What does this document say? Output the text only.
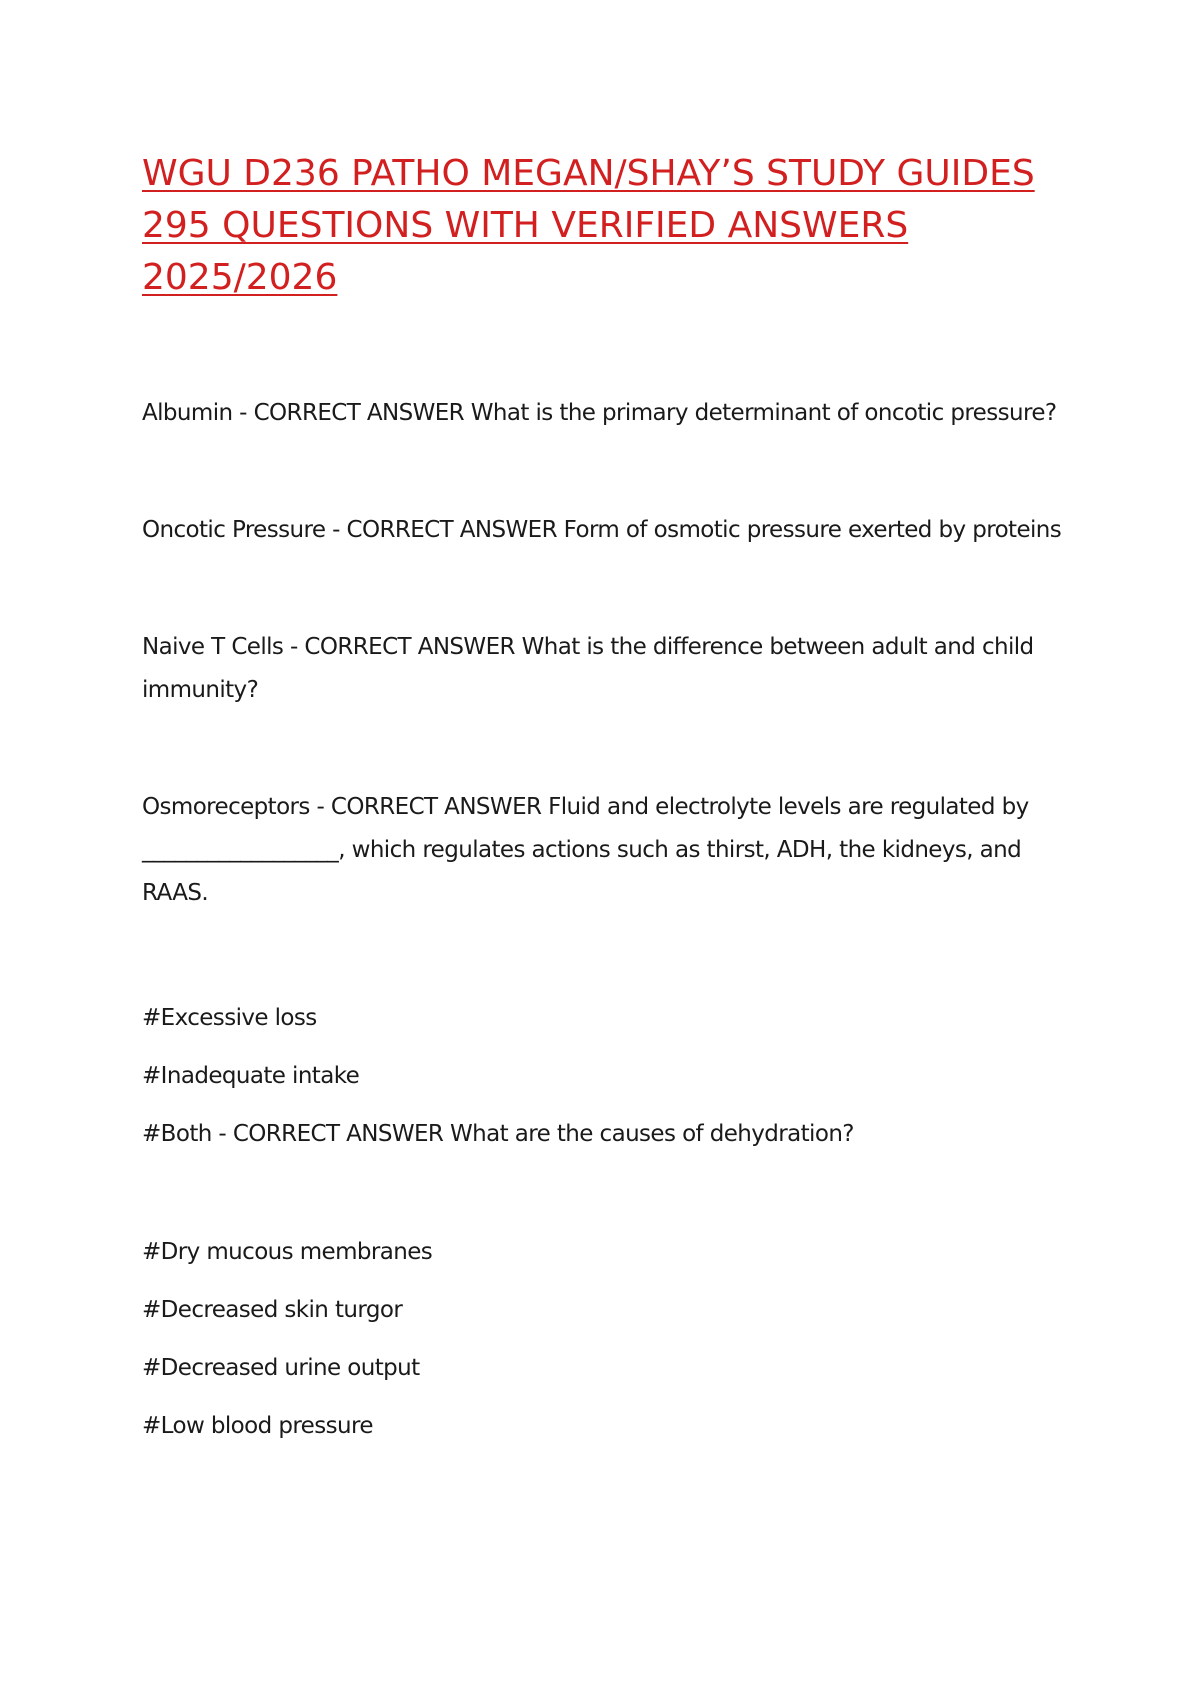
WGU D236 PATHO MEGAN/SHAY’S STUDY GUIDES
295 QUESTIONS WITH VERIFIED ANSWERS
2025/2026

Albumin - CORRECT ANSWER What is the primary determinant of oncotic pressure?

Oncotic Pressure - CORRECT ANSWER Form of osmotic pressure exerted by proteins

Naive T Cells - CORRECT ANSWER What is the difference between adult and child immunity?

Osmoreceptors - CORRECT ANSWER Fluid and electrolyte levels are regulated by __________________, which regulates actions such as thirst, ADH, the kidneys, and RAAS.

#Excessive loss
#Inadequate intake
#Both - CORRECT ANSWER What are the causes of dehydration?
#Dry mucous membranes
#Decreased skin turgor
#Decreased urine output
#Low blood pressure
